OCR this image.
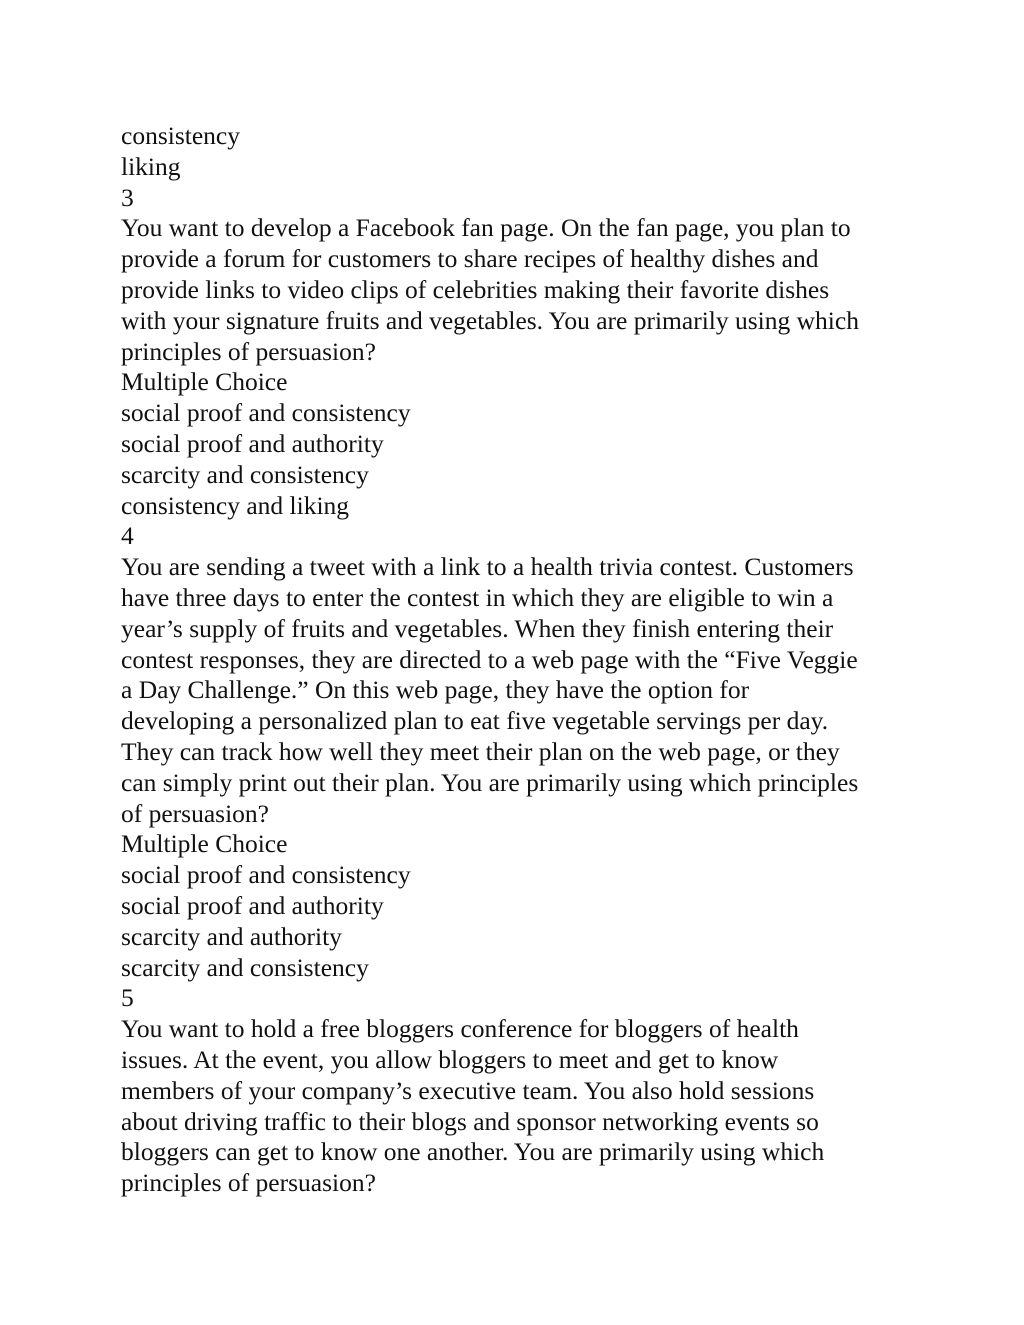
consistency
liking
3
You want to develop a Facebook fan page. On the fan page, you plan to
provide a forum for customers to share recipes of healthy dishes and
provide links to video clips of celebrities making their favorite dishes
with your signature fruits and vegetables. You are primarily using which
principles of persuasion?
Multiple Choice
social proof and consistency
social proof and authority
scarcity and consistency
consistency and liking
4
You are sending a tweet with a link to a health trivia contest. Customers
have three days to enter the contest in which they are eligible to win a
year’s supply of fruits and vegetables. When they finish entering their
contest responses, they are directed to a web page with the “Five Veggie
a Day Challenge.” On this web page, they have the option for
developing a personalized plan to eat five vegetable servings per day.
They can track how well they meet their plan on the web page, or they
can simply print out their plan. You are primarily using which principles
of persuasion?
Multiple Choice
social proof and consistency
social proof and authority
scarcity and authority
scarcity and consistency
5
You want to hold a free bloggers conference for bloggers of health
issues. At the event, you allow bloggers to meet and get to know
members of your company’s executive team. You also hold sessions
about driving traffic to their blogs and sponsor networking events so
bloggers can get to know one another. You are primarily using which
principles of persuasion?
